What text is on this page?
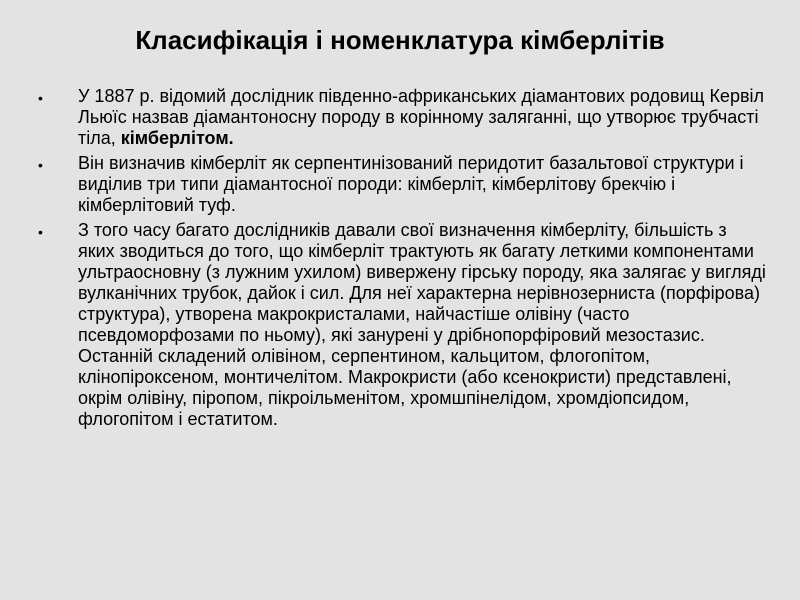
Класифікація і номенклатура кімберлітів
• У 1887 р. відомий дослідник південно-африканських діамантових родовищ Кервіл Льюїс назвав діамантоносну породу в корінному заляганні, що утворює трубчасті тіла, кімберлітом.
• Він визначив кімберліт як серпентинізований перидотит базальтової структури і виділив три типи діамантосної породи: кімберліт, кімберлітову брекчію і кімберлітовий туф.
• З того часу багато дослідників давали свої визначення кімберліту, більшість з яких зводиться до того, що кімберліт трактують як багату леткими компонентами ультраосновну (з лужним ухилом) вивержену гірську породу, яка залягає у вигляді вулканічних трубок, дайок і сил. Для неї характерна нерівнозерниста (порфірова) структура), утворена макрокристалами, найчастіше олівіну (часто псевдоморфозами по ньому), які занурені у дрібнопорфіровий мезостазис. Останній складений олівіном, серпентином, кальцитом, флогопітом, клінопіроксеном, монтичелітом. Макрокристи (або ксенокристи) представлені, окрім олівіну, піропом, пікроільменітом, хромшпінелідом, хромдіопсидом, флогопітом і естатитом.
